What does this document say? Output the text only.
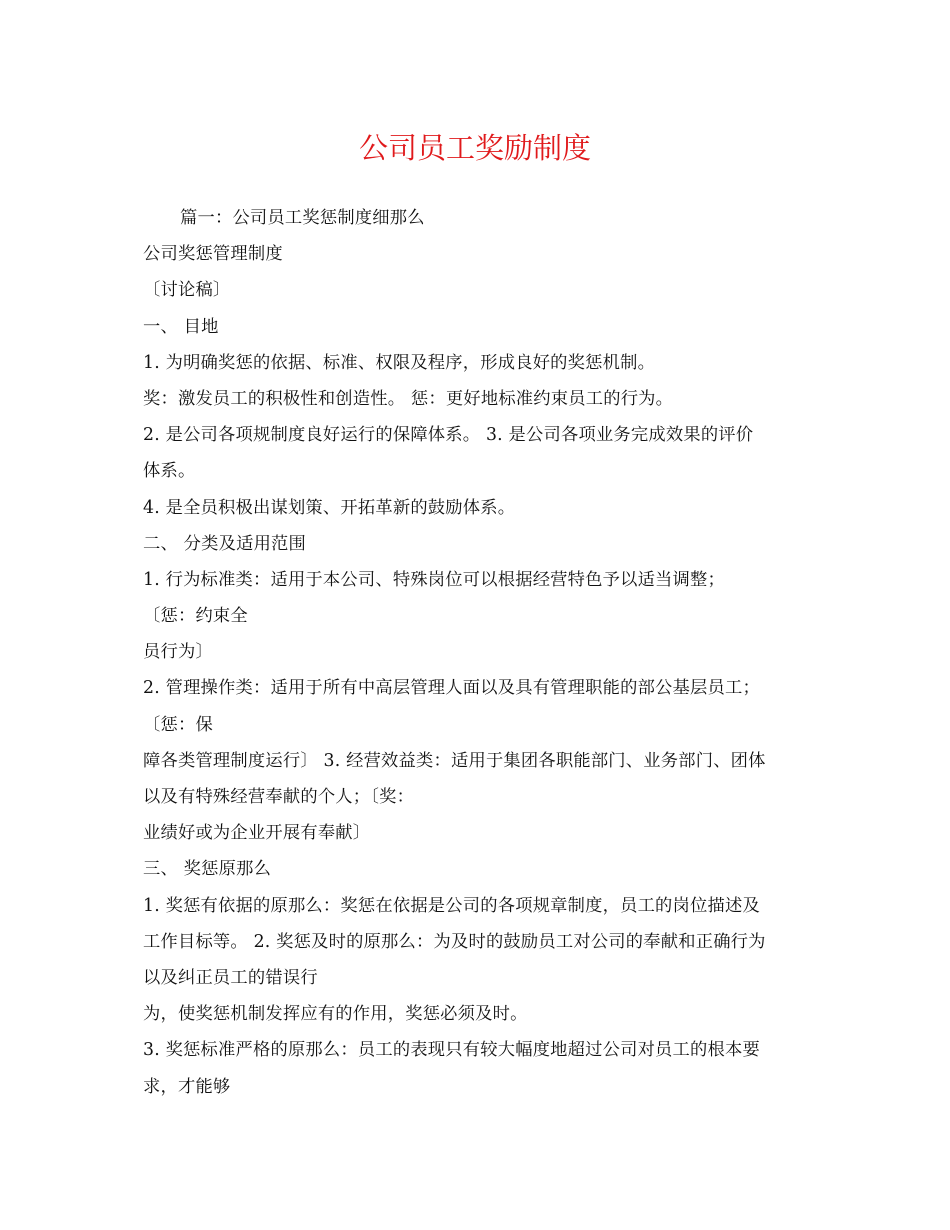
公司员工奖励制度
篇一：公司员工奖惩制度细那么
公司奖惩管理制度
〔讨论稿〕
一、 目地
1. 为明确奖惩的依据、标准、权限及程序，形成良好的奖惩机制。
奖：激发员工的积极性和创造性。 惩：更好地标准约束员工的行为。
2. 是公司各项规制度良好运行的保障体系。 3. 是公司各项业务完成效果的评价
体系。
4. 是全员积极出谋划策、开拓革新的鼓励体系。
二、 分类及适用范围
1. 行为标准类：适用于本公司、特殊岗位可以根据经营特色予以适当调整；
〔惩：约束全
员行为〕
2. 管理操作类：适用于所有中高层管理人面以及具有管理职能的部公基层员工；
〔惩：保
障各类管理制度运行〕 3. 经营效益类：适用于集团各职能部门、业务部门、团体
以及有特殊经营奉献的个人；〔奖：
业绩好或为企业开展有奉献〕
三、 奖惩原那么
1. 奖惩有依据的原那么：奖惩在依据是公司的各项规章制度，员工的岗位描述及
工作目标等。 2. 奖惩及时的原那么：为及时的鼓励员工对公司的奉献和正确行为
以及纠正员工的错误行
为，使奖惩机制发挥应有的作用，奖惩必须及时。
3. 奖惩标准严格的原那么：员工的表现只有较大幅度地超过公司对员工的根本要
求，才能够
